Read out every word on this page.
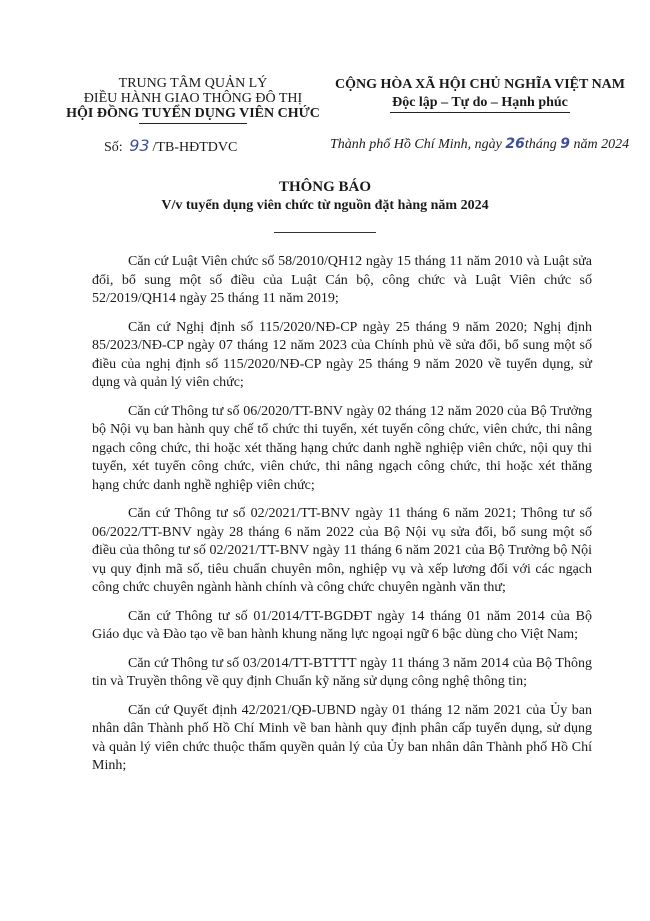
TRUNG TÂM QUẢN LÝ
ĐIỀU HÀNH GIAO THÔNG ĐÔ THỊ
HỘI ĐỒNG TUYỂN DỤNG VIÊN CHỨC
CỘNG HÒA XÃ HỘI CHỦ NGHĨA VIỆT NAM
Độc lập – Tự do – Hạnh phúc
Số: 93 /TB-HĐTDVC	Thành phố Hồ Chí Minh, ngày 26tháng 9 năm 2024
THÔNG BÁO
V/v tuyển dụng viên chức từ nguồn đặt hàng năm 2024

Căn cứ Luật Viên chức số 58/2010/QH12 ngày 15 tháng 11 năm 2010 và Luật sửa đổi, bổ sung một số điều của Luật Cán bộ, công chức và Luật Viên chức số 52/2019/QH14 ngày 25 tháng 11 năm 2019;

Căn cứ Nghị định số 115/2020/NĐ-CP ngày 25 tháng 9 năm 2020; Nghị định 85/2023/NĐ-CP ngày 07 tháng 12 năm 2023 của Chính phủ về sửa đổi, bổ sung một số điều của nghị định số 115/2020/NĐ-CP ngày 25 tháng 9 năm 2020 về tuyển dụng, sử dụng và quản lý viên chức;

Căn cứ Thông tư số 06/2020/TT-BNV ngày 02 tháng 12 năm 2020 của Bộ Trưởng bộ Nội vụ ban hành quy chế tổ chức thi tuyển, xét tuyển công chức, viên chức, thi nâng ngạch công chức, thi hoặc xét thăng hạng chức danh nghề nghiệp viên chức, nội quy thi tuyển, xét tuyển công chức, viên chức, thi nâng ngạch công chức, thi hoặc xét thăng hạng chức danh nghề nghiệp viên chức;

Căn cứ Thông tư số 02/2021/TT-BNV ngày 11 tháng 6 năm 2021; Thông tư số 06/2022/TT-BNV ngày 28 tháng 6 năm 2022 của Bộ Nội vụ sửa đổi, bổ sung một số điều của thông tư số 02/2021/TT-BNV ngày 11 tháng 6 năm 2021 của Bộ Trưởng bộ Nội vụ quy định mã số, tiêu chuẩn chuyên môn, nghiệp vụ và xếp lương đối với các ngạch công chức chuyên ngành hành chính và công chức chuyên ngành văn thư;

Căn cứ Thông tư số 01/2014/TT-BGDĐT ngày 14 tháng 01 năm 2014 của Bộ Giáo dục và Đào tạo về ban hành khung năng lực ngoại ngữ 6 bậc dùng cho Việt Nam;

Căn cứ Thông tư số 03/2014/TT-BTTTT ngày 11 tháng 3 năm 2014 của Bộ Thông tin và Truyền thông về quy định Chuẩn kỹ năng sử dụng công nghệ thông tin;

Căn cứ Quyết định 42/2021/QĐ-UBND ngày 01 tháng 12 năm 2021 của Ủy ban nhân dân Thành phố Hồ Chí Minh về ban hành quy định phân cấp tuyển dụng, sử dụng và quản lý viên chức thuộc thẩm quyền quản lý của Ủy ban nhân dân Thành phố Hồ Chí Minh;
